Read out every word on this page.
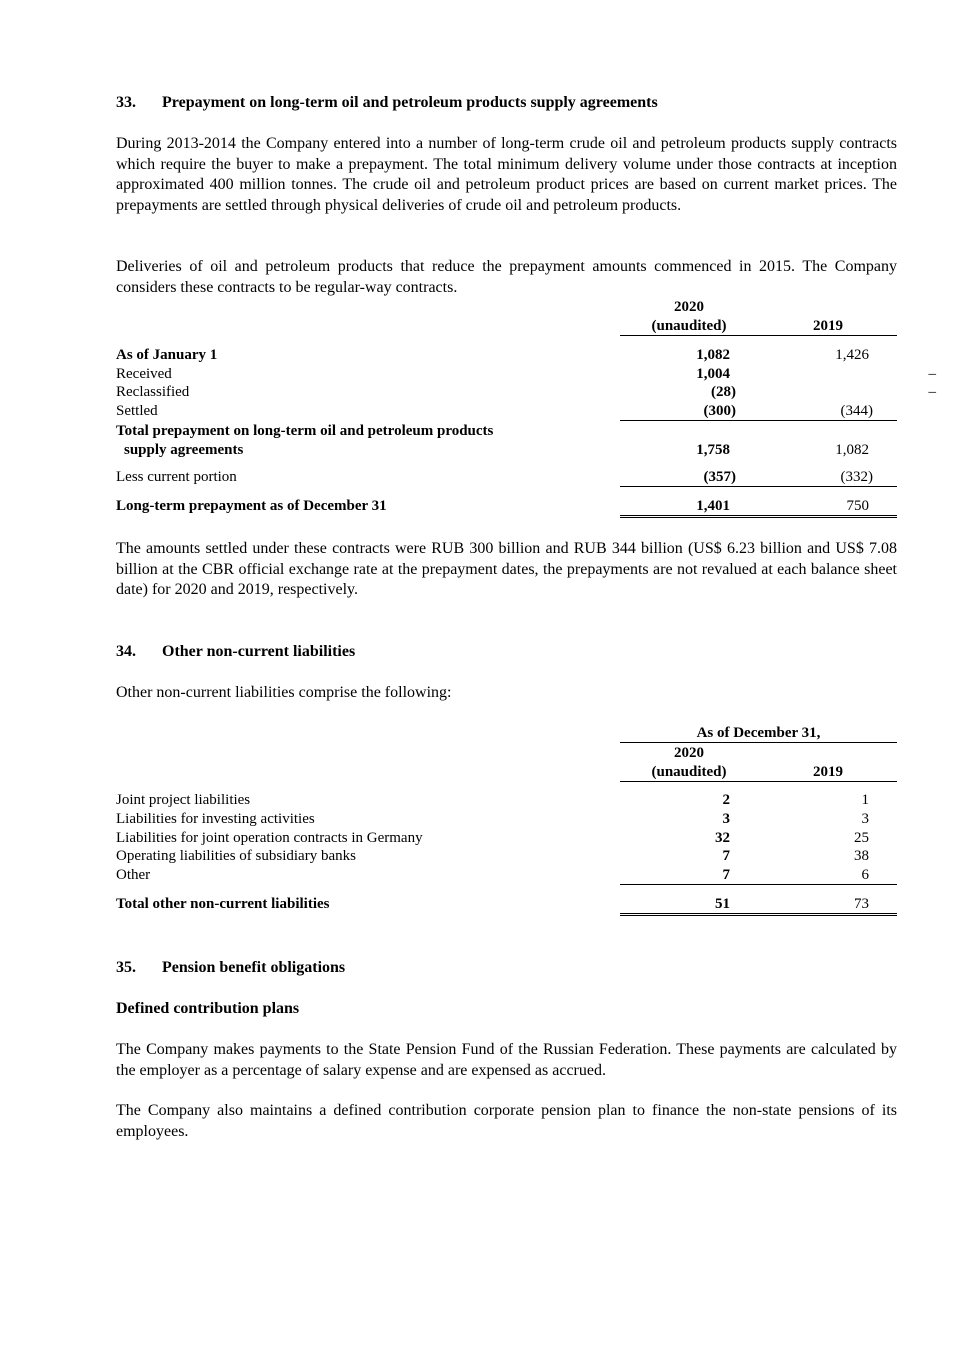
33. Prepayment on long-term oil and petroleum products supply agreements
During 2013-2014 the Company entered into a number of long-term crude oil and petroleum products supply contracts which require the buyer to make a prepayment. The total minimum delivery volume under those contracts at inception approximated 400 million tonnes. The crude oil and petroleum product prices are based on current market prices. The prepayments are settled through physical deliveries of crude oil and petroleum products.
Deliveries of oil and petroleum products that reduce the prepayment amounts commenced in 2015. The Company considers these contracts to be regular-way contracts.
2020
(unaudited)	2019
As of January 1	1,082	1,426
Received	1,004	–
Reclassified	(28)	–
Settled	(300)	(344)
Total prepayment on long-term oil and petroleum products
supply agreements	1,758	1,082
Less current portion	(357)	(332)
Long-term prepayment as of December 31	1,401	750
The amounts settled under these contracts were RUB 300 billion and RUB 344 billion (US$ 6.23 billion and US$ 7.08 billion at the CBR official exchange rate at the prepayment dates, the prepayments are not revalued at each balance sheet date) for 2020 and 2019, respectively.
34. Other non-current liabilities
Other non-current liabilities comprise the following:
As of December 31,
2020
(unaudited)	2019
Joint project liabilities	2	1
Liabilities for investing activities	3	3
Liabilities for joint operation contracts in Germany	32	25
Operating liabilities of subsidiary banks	7	38
Other	7	6
Total other non-current liabilities	51	73
35. Pension benefit obligations
Defined contribution plans
The Company makes payments to the State Pension Fund of the Russian Federation. These payments are calculated by the employer as a percentage of salary expense and are expensed as accrued.
The Company also maintains a defined contribution corporate pension plan to finance the non-state pensions of its employees.
